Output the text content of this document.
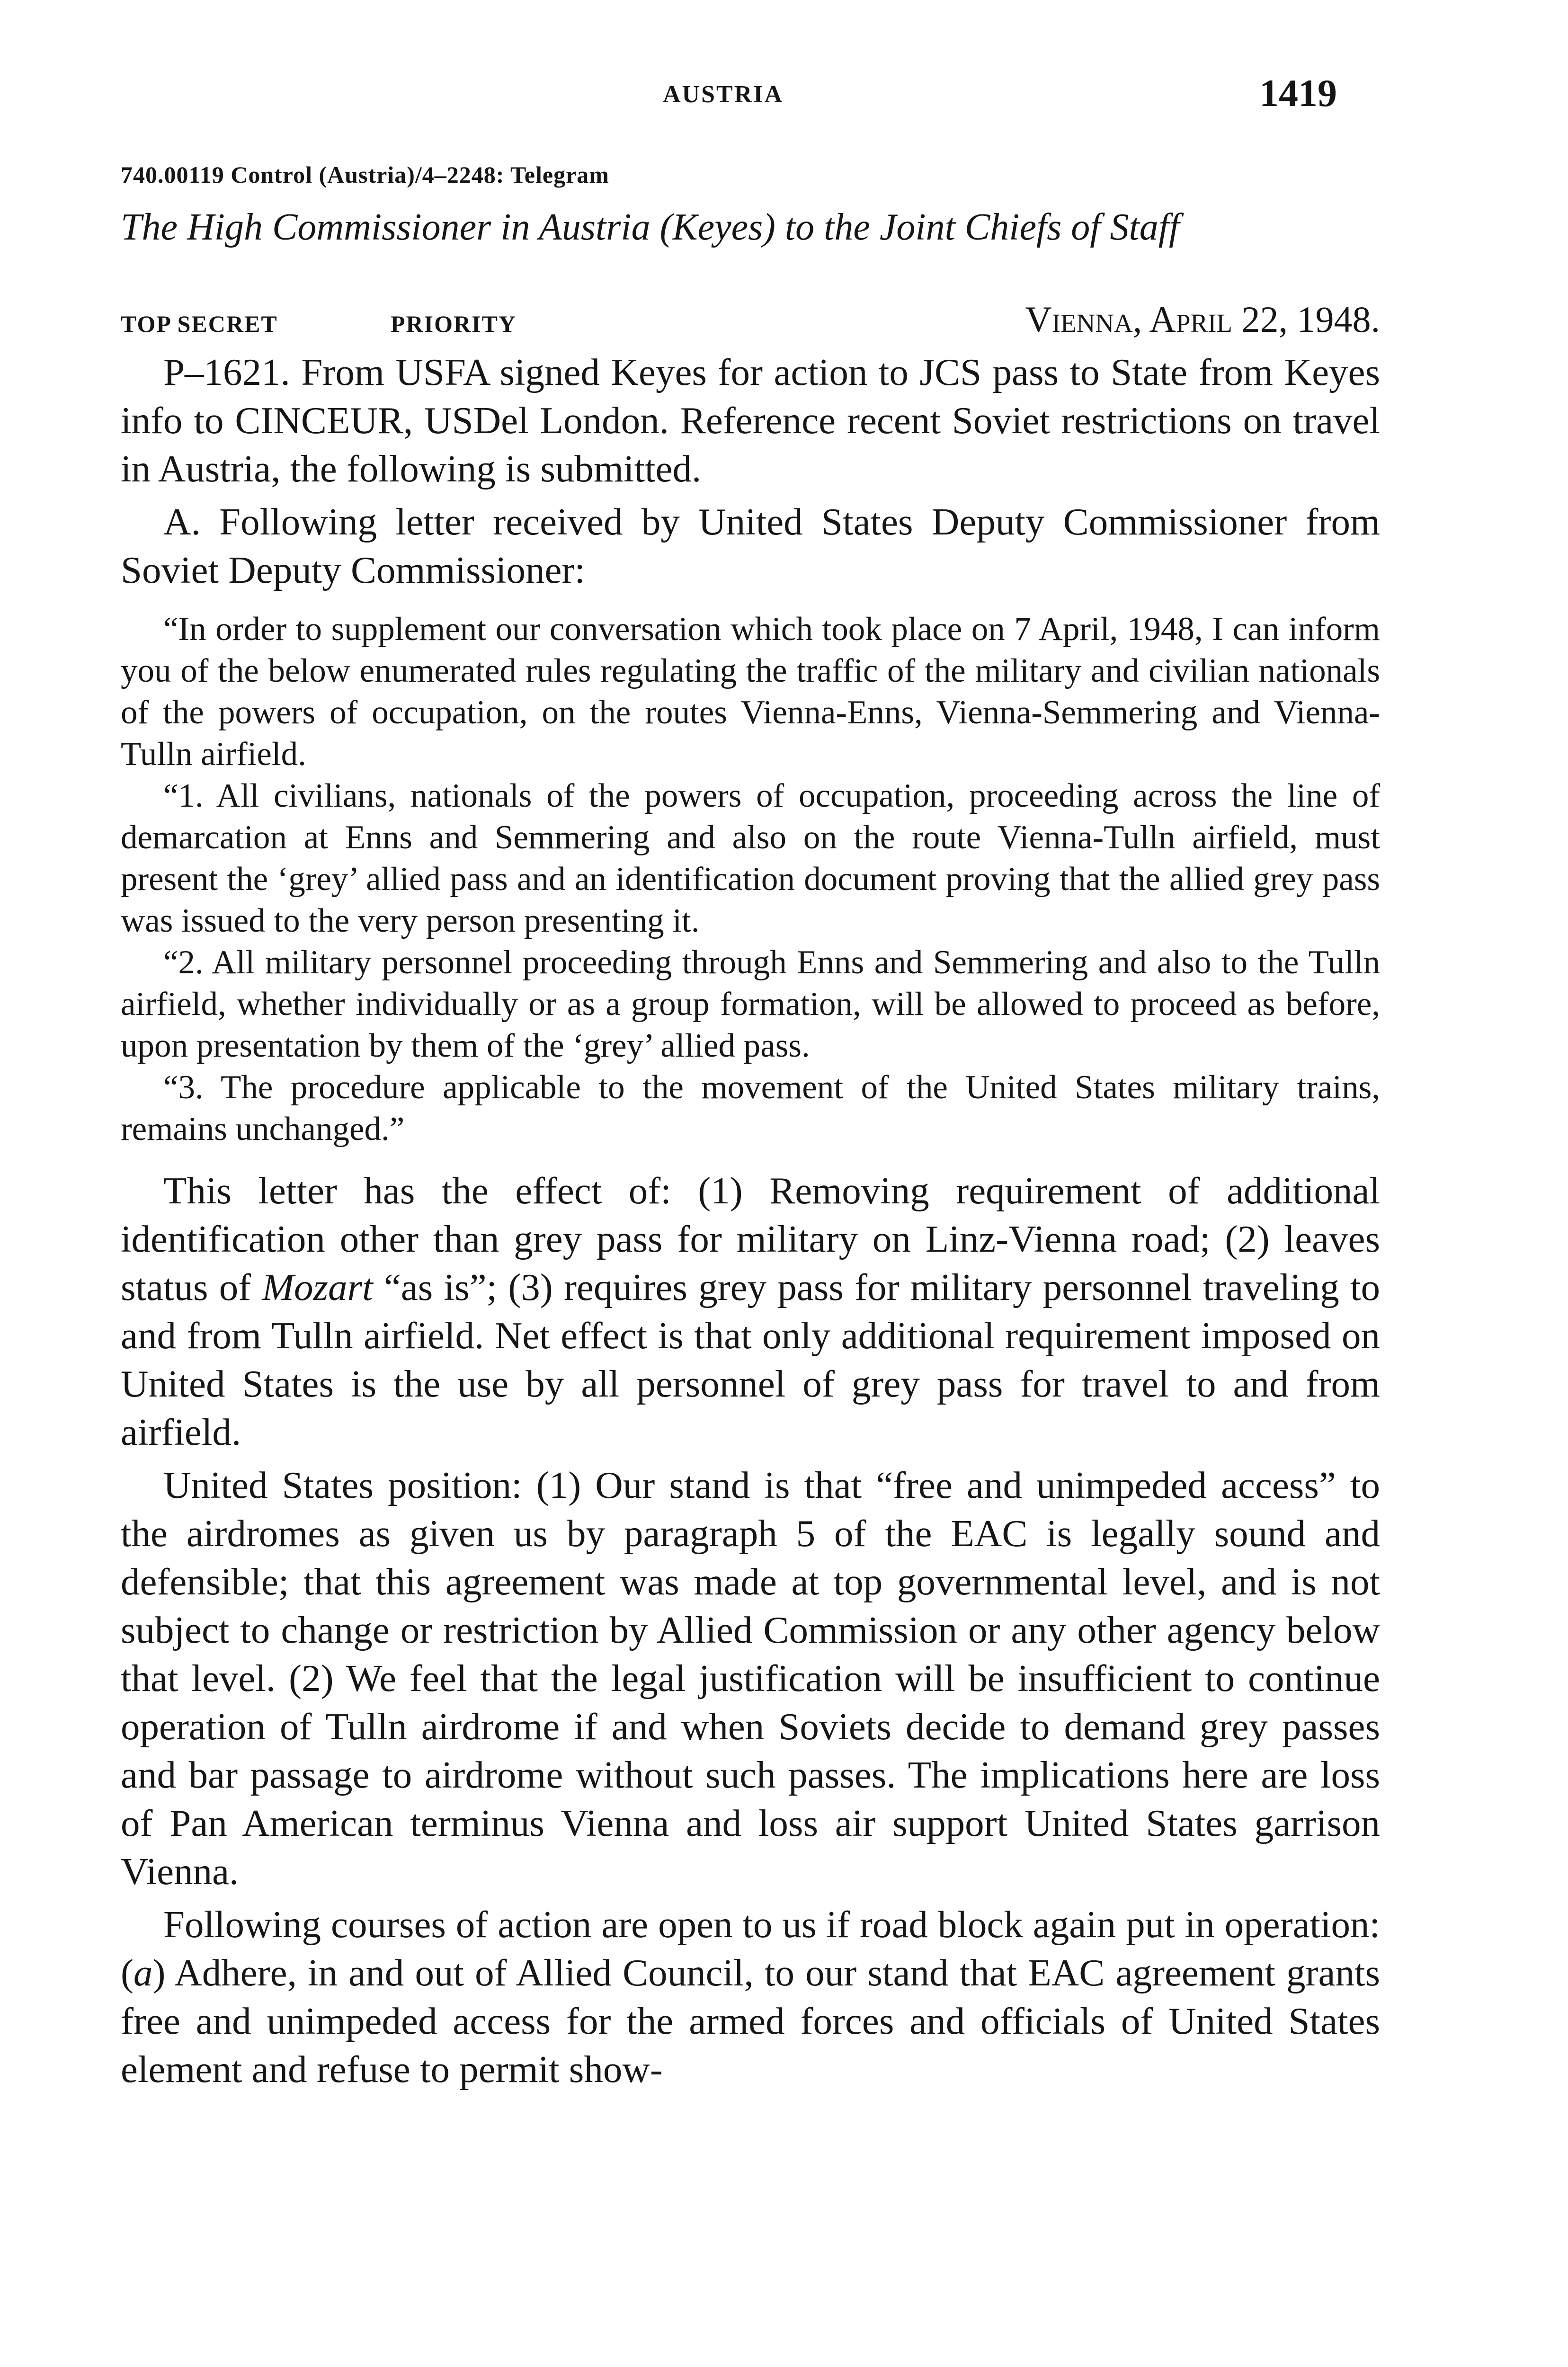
AUSTRIA	1419
740.00119 Control (Austria)/4–2248: Telegram
The High Commissioner in Austria (Keyes) to the Joint Chiefs of Staff
TOP SECRET	PRIORITY	Vienna, April 22, 1948.

P–1621. From USFA signed Keyes for action to JCS pass to State from Keyes info to CINCEUR, USDel London. Reference recent Soviet restrictions on travel in Austria, the following is submitted.

A. Following letter received by United States Deputy Commissioner from Soviet Deputy Commissioner:

“In order to supplement our conversation which took place on 7 April, 1948, I can inform you of the below enumerated rules regulating the traffic of the military and civilian nationals of the powers of occupation, on the routes Vienna-Enns, Vienna-Semmering and Vienna-Tulln airfield.

“1. All civilians, nationals of the powers of occupation, proceeding across the line of demarcation at Enns and Semmering and also on the route Vienna-Tulln airfield, must present the ‘grey’ allied pass and an identification document proving that the allied grey pass was issued to the very person presenting it.

“2. All military personnel proceeding through Enns and Semmering and also to the Tulln airfield, whether individually or as a group formation, will be allowed to proceed as before, upon presentation by them of the ‘grey’ allied pass.

“3. The procedure applicable to the movement of the United States military trains, remains unchanged.”

This letter has the effect of: (1) Removing requirement of additional identification other than grey pass for military on Linz-Vienna road; (2) leaves status of Mozart “as is”; (3) requires grey pass for military personnel traveling to and from Tulln airfield. Net effect is that only additional requirement imposed on United States is the use by all personnel of grey pass for travel to and from airfield.

United States position: (1) Our stand is that “free and unimpeded access” to the airdromes as given us by paragraph 5 of the EAC is legally sound and defensible; that this agreement was made at top governmental level, and is not subject to change or restriction by Allied Commission or any other agency below that level. (2) We feel that the legal justification will be insufficient to continue operation of Tulln airdrome if and when Soviets decide to demand grey passes and bar passage to airdrome without such passes. The implications here are loss of Pan American terminus Vienna and loss air support United States garrison Vienna.

Following courses of action are open to us if road block again put in operation: (a) Adhere, in and out of Allied Council, to our stand that EAC agreement grants free and unimpeded access for the armed forces and officials of United States element and refuse to permit show-
